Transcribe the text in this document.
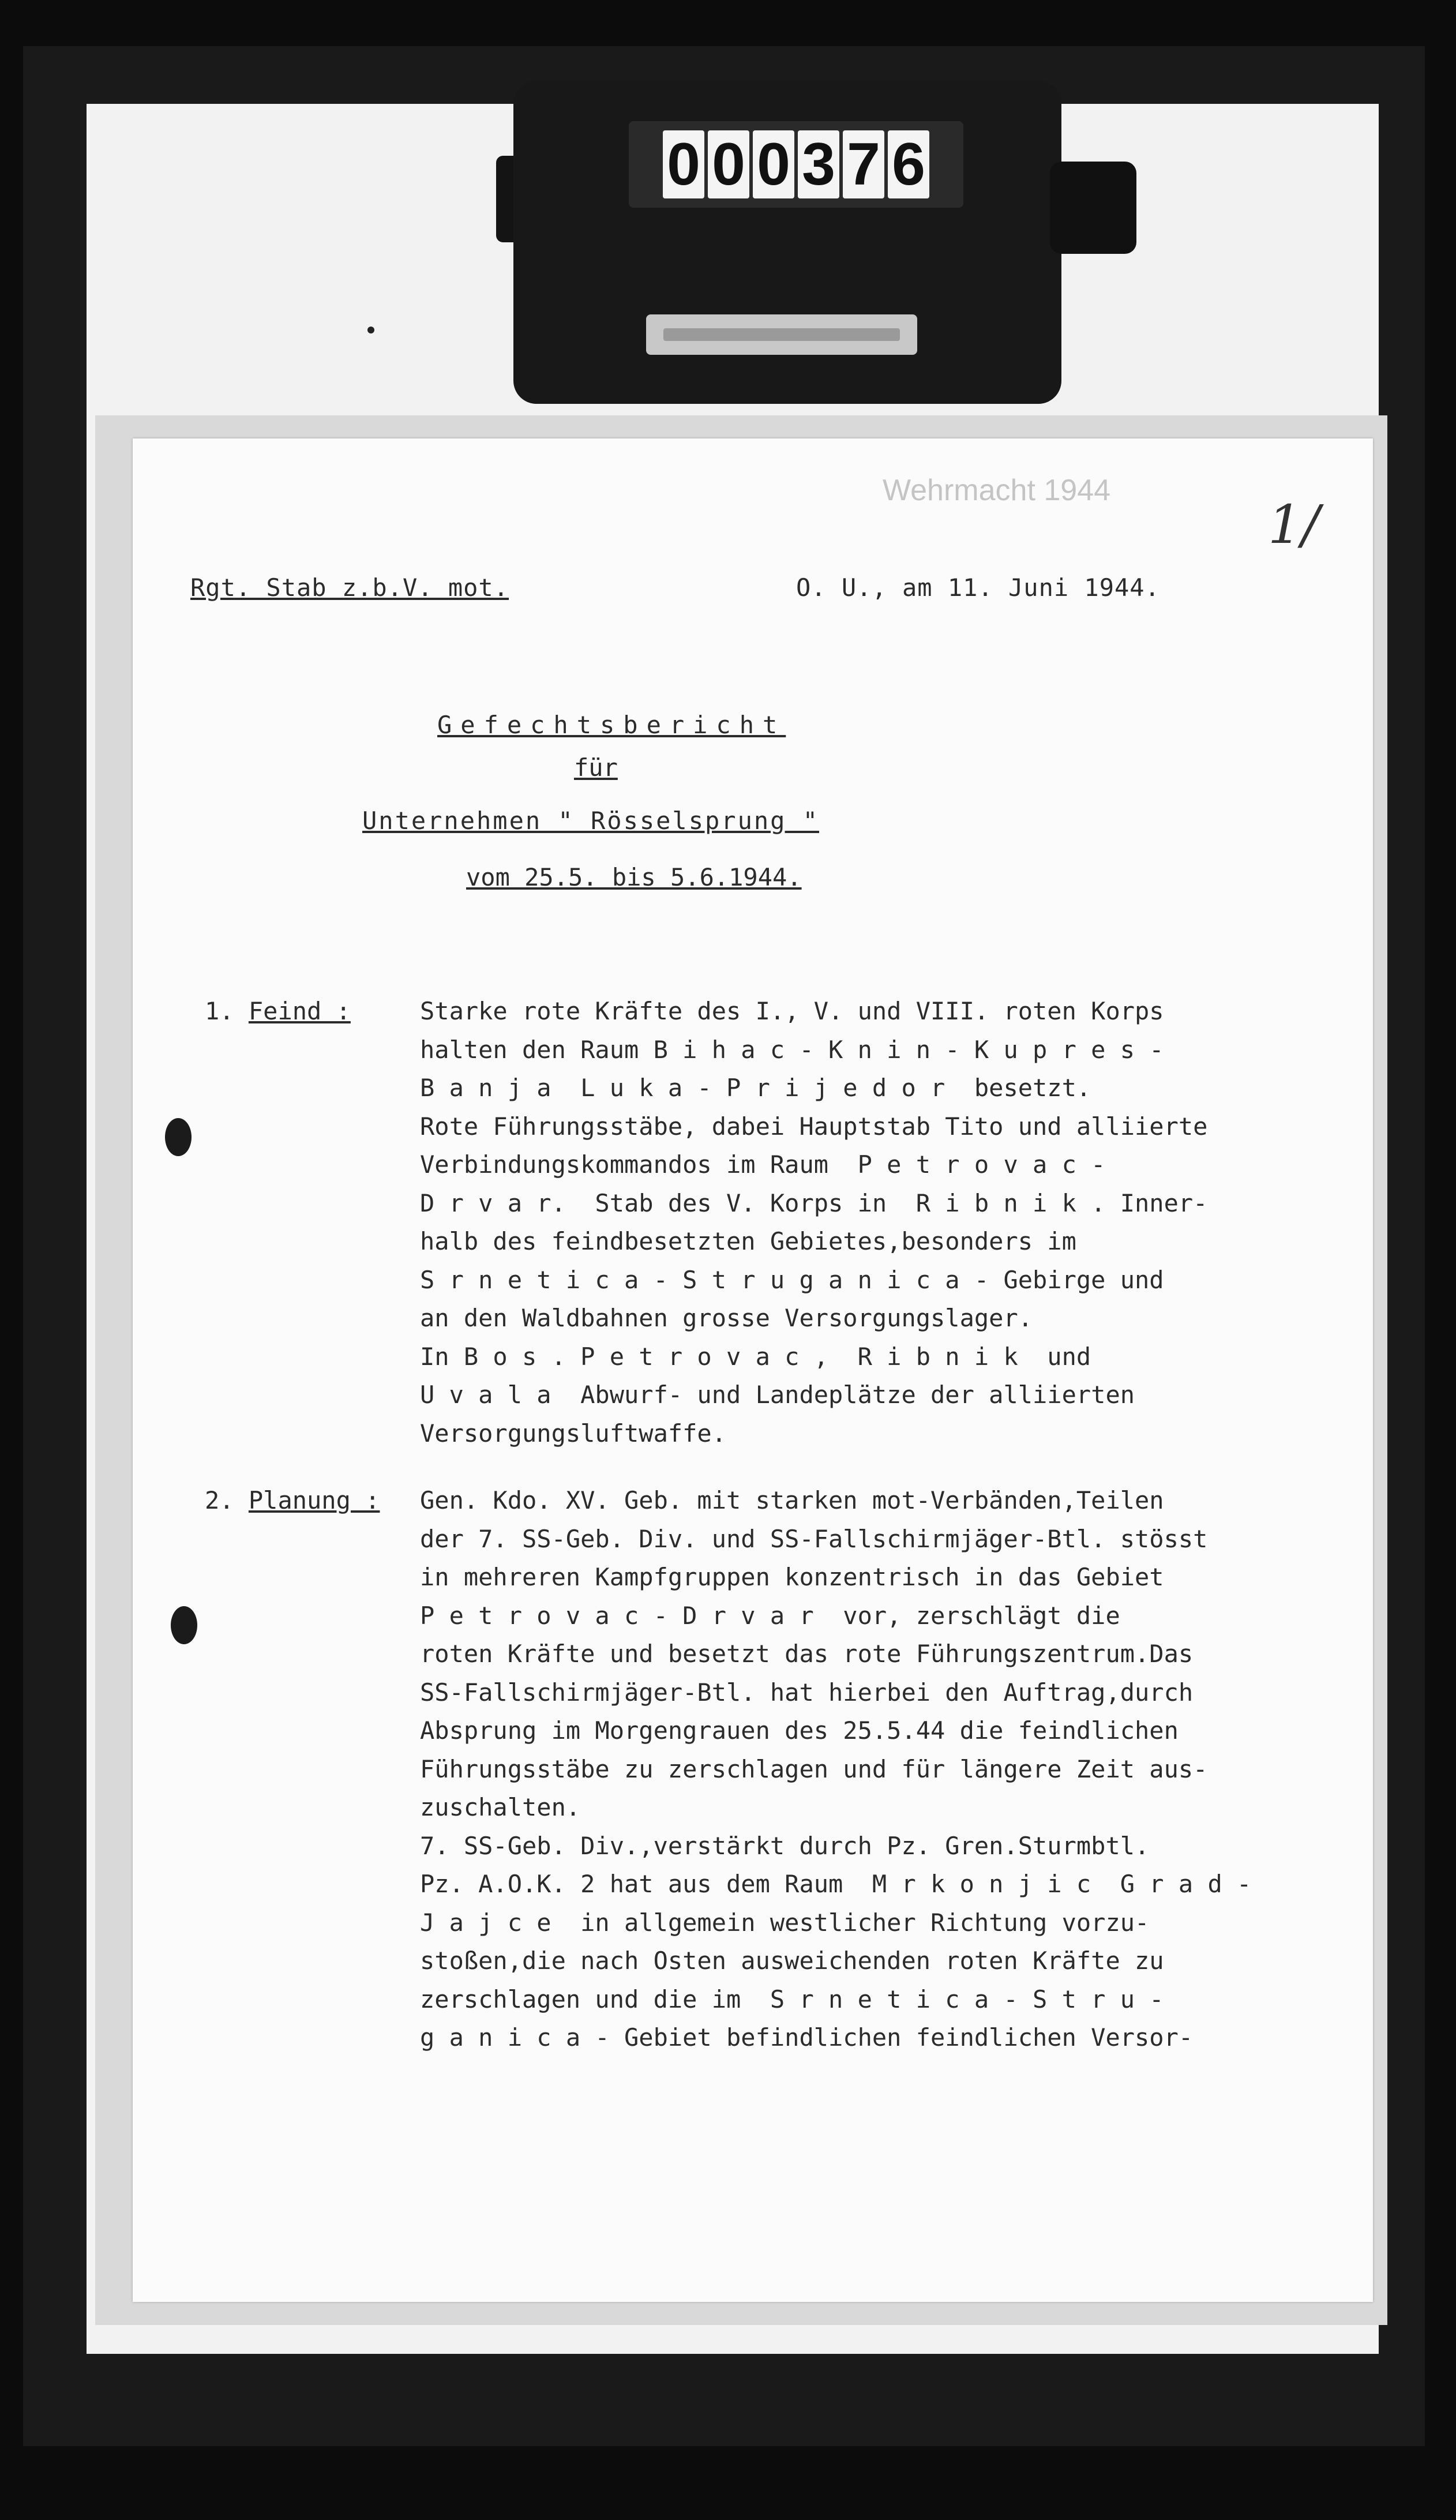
0 0 0 3 7 6
Wehrmacht 1944
1/
Rgt. Stab z.b.V. mot.	O. U., am 11. Juni 1944.
Gefechtsbericht
für
Unternehmen " Rösselsprung "
vom 25.5. bis 5.6.1944.
1. Feind :	Starke rote Kräfte des I., V. und VIII. roten Korps
halten den Raum B i h a c - K n i n - K u p r e s -
B a n j a  L u k a - P r i j e d o r  besetzt.
Rote Führungsstäbe, dabei Hauptstab Tito und alliierte
Verbindungskommandos im Raum  P e t r o v a c -
D r v a r.  Stab des V. Korps in  R i b n i k . Inner-
halb des feindbesetzten Gebietes,besonders im
S r n e t i c a - S t r u g a n i c a - Gebirge und
an den Waldbahnen grosse Versorgungslager.
In B o s . P e t r o v a c ,  R i b n i k  und
U v a l a  Abwurf- und Landeplätze der alliierten
Versorgungsluftwaffe.
2. Planung : Gen. Kdo. XV. Geb. mit starken mot-Verbänden,Teilen
der 7. SS-Geb. Div. und SS-Fallschirmjäger-Btl. stösst
in mehreren Kampfgruppen konzentrisch in das Gebiet
P e t r o v a c - D r v a r  vor, zerschlägt die
roten Kräfte und besetzt das rote Führungszentrum.Das
SS-Fallschirmjäger-Btl. hat hierbei den Auftrag,durch
Absprung im Morgengrauen des 25.5.44 die feindlichen
Führungsstäbe zu zerschlagen und für längere Zeit aus-
zuschalten.
7. SS-Geb. Div.,verstärkt durch Pz. Gren.Sturmbtl.
Pz. A.O.K. 2 hat aus dem Raum  M r k o n j i c  G r a d -
J a j c e  in allgemein westlicher Richtung vorzu-
stoßen,die nach Osten ausweichenden roten Kräfte zu
zerschlagen und die im  S r n e t i c a - S t r u -
g a n i c a - Gebiet befindlichen feindlichen Versor-
